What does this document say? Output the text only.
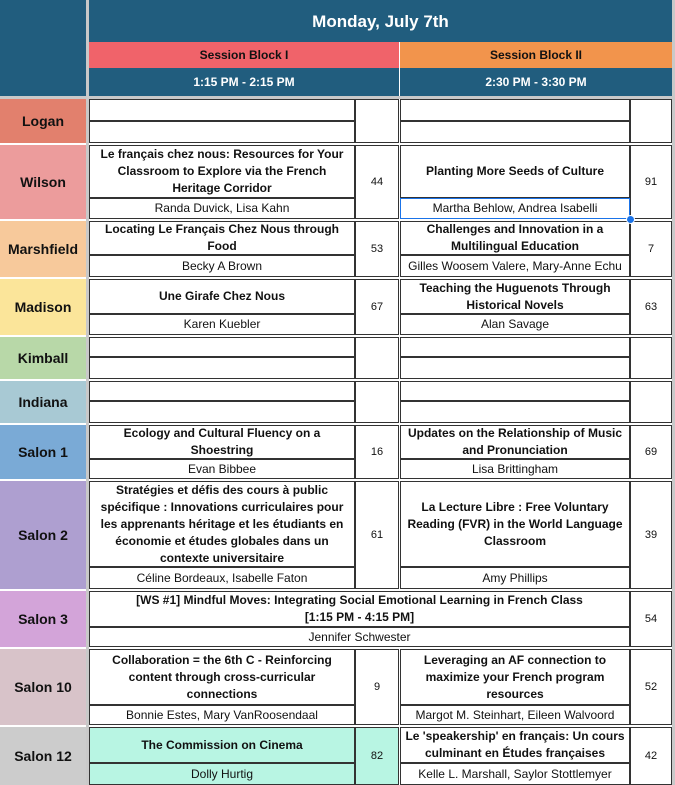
Monday, July 7th
Session Block I	Session Block II
1:15 PM - 2:15 PM	2:30 PM - 3:30 PM
Logan
Wilson
Le français chez nous: Resources for Your Classroom to Explore via the French Heritage Corridor
Randa Duvick, Lisa Kahn
44
Planting More Seeds of Culture
Martha Behlow, Andrea Isabelli
91
Marshfield
Locating Le Français Chez Nous through Food
Becky A Brown
53
Challenges and Innovation in a Multilingual Education
Gilles Woosem Valere, Mary-Anne Echu
7
Madison
Une Girafe Chez Nous
Karen Kuebler
67
Teaching the Huguenots Through Historical Novels
Alan Savage
63
Kimball
Indiana
Salon 1
Ecology and Cultural Fluency on a Shoestring
Evan Bibbee
16
Updates on the Relationship of Music and Pronunciation
Lisa Brittingham
69
Salon 2
Stratégies et défis des cours à public spécifique : Innovations curriculaires pour les apprenants héritage et les étudiants en économie et études globales dans un contexte universitaire
Céline Bordeaux, Isabelle Faton
61
La Lecture Libre : Free Voluntary Reading (FVR) in the World Language Classroom
Amy Phillips
39
Salon 3
[WS #1] Mindful Moves: Integrating Social Emotional Learning in French Class
[1:15 PM - 4:15 PM]
Jennifer Schwester
54
Salon 10
Collaboration = the 6th C - Reinforcing content through cross-curricular connections
Bonnie Estes, Mary VanRoosendaal
9
Leveraging an AF connection to maximize your French program resources
Margot M. Steinhart, Eileen Walvoord
52
Salon 12
The Commission on Cinema
Dolly Hurtig
82
Le 'speakership' en français: Un cours culminant en Études françaises
Kelle L. Marshall, Saylor Stottlemyer
42
